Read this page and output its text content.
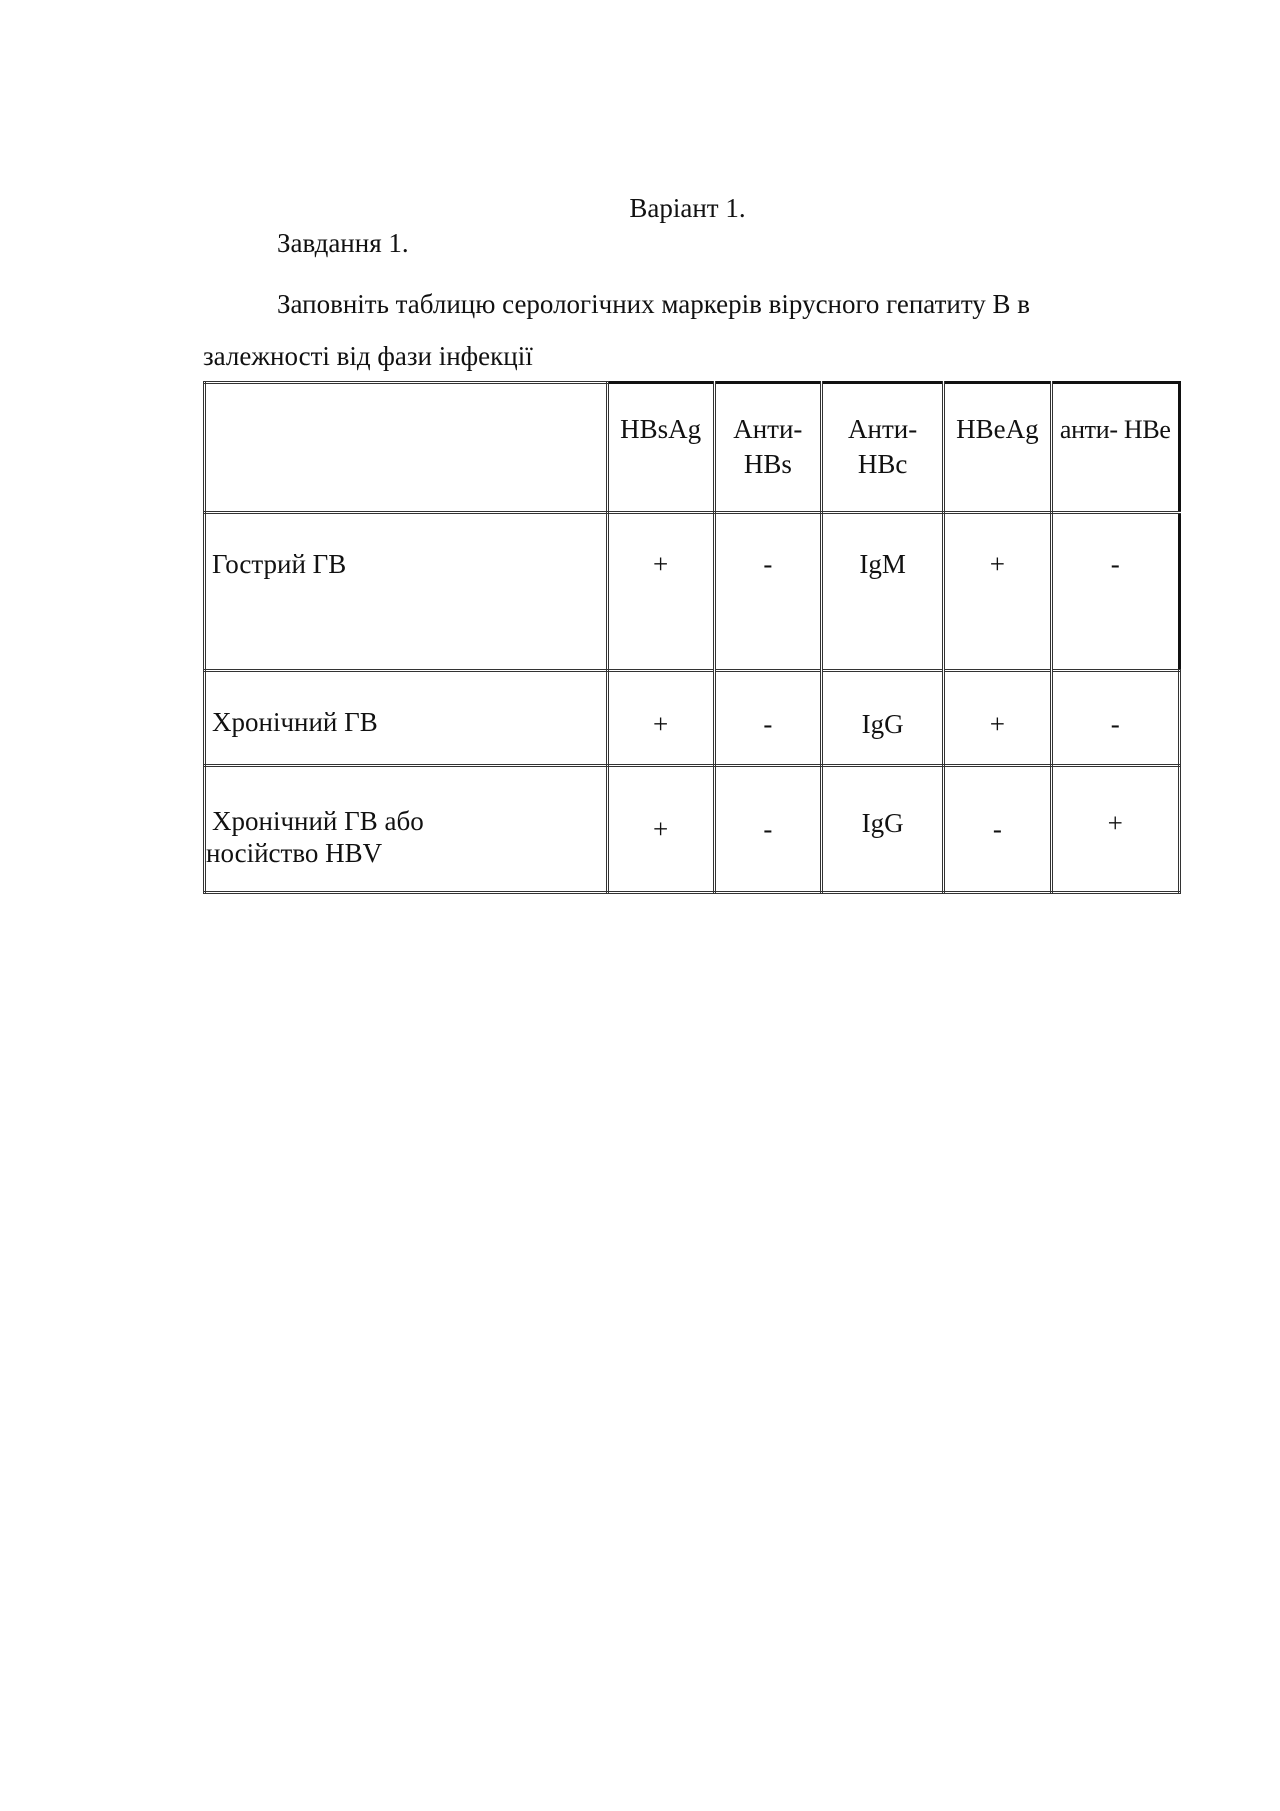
Варіант 1.
Завдання 1.
Заповніть таблицю серологічних маркерів вірусного гепатиту В в
залежності від фази інфекції

	HBsAg	Анти- HBs	Анти- HBc	HBeAg	анти- HBe

Гострий ГВ	+	-	IgM	+	-

Хронічний ГВ	+	-	IgG	+	-

Хронічний ГВ або
носійство HBV	+	-	IgG	-	+
